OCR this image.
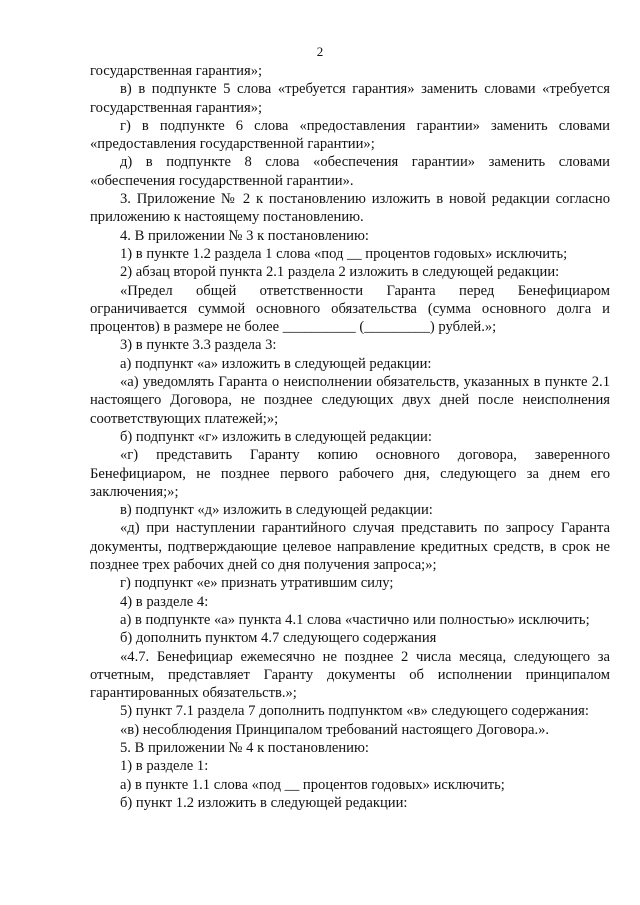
2

государственная гарантия»;

в) в подпункте 5 слова «требуется гарантия» заменить словами «требуется государственная гарантия»;

г) в подпункте 6 слова «предоставления гарантии» заменить словами «предоставления государственной гарантии»;

д) в подпункте 8 слова «обеспечения гарантии» заменить словами «обеспечения государственной гарантии».

3. Приложение № 2 к постановлению изложить в новой редакции согласно приложению к настоящему постановлению.

4. В приложении № 3 к постановлению:

1) в пункте 1.2 раздела 1 слова «под __ процентов годовых» исключить;

2) абзац второй пункта 2.1 раздела 2 изложить в следующей редакции:

«Предел общей ответственности Гаранта перед Бенефициаром ограничивается суммой основного обязательства (сумма основного долга и процентов) в размере не более __________ (_________) рублей.»;

3) в пункте 3.3 раздела 3:

а) подпункт «а» изложить в следующей редакции:

«а) уведомлять Гаранта о неисполнении обязательств, указанных в пункте 2.1 настоящего Договора, не позднее следующих двух дней после неисполнения соответствующих платежей;»;

б) подпункт «г» изложить в следующей редакции:

«г) представить Гаранту копию основного договора, заверенного Бенефициаром, не позднее первого рабочего дня, следующего за днем его заключения;»;

в) подпункт «д» изложить в следующей редакции:

«д) при наступлении гарантийного случая представить по запросу Гаранта документы, подтверждающие целевое направление кредитных средств, в срок не позднее трех рабочих дней со дня получения запроса;»;

г) подпункт «е» признать утратившим силу;

4) в разделе 4:

а) в подпункте «а» пункта 4.1 слова «частично или полностью» исключить;

б) дополнить пунктом 4.7 следующего содержания

«4.7. Бенефициар ежемесячно не позднее 2 числа месяца, следующего за отчетным, представляет Гаранту документы об исполнении принципалом гарантированных обязательств.»;

5) пункт 7.1 раздела 7 дополнить подпунктом «в» следующего содержания:

«в) несоблюдения Принципалом требований настоящего Договора.».

5. В приложении № 4 к постановлению:

1) в разделе 1:

а) в пункте 1.1 слова «под __ процентов годовых» исключить;

б) пункт 1.2 изложить в следующей редакции:
